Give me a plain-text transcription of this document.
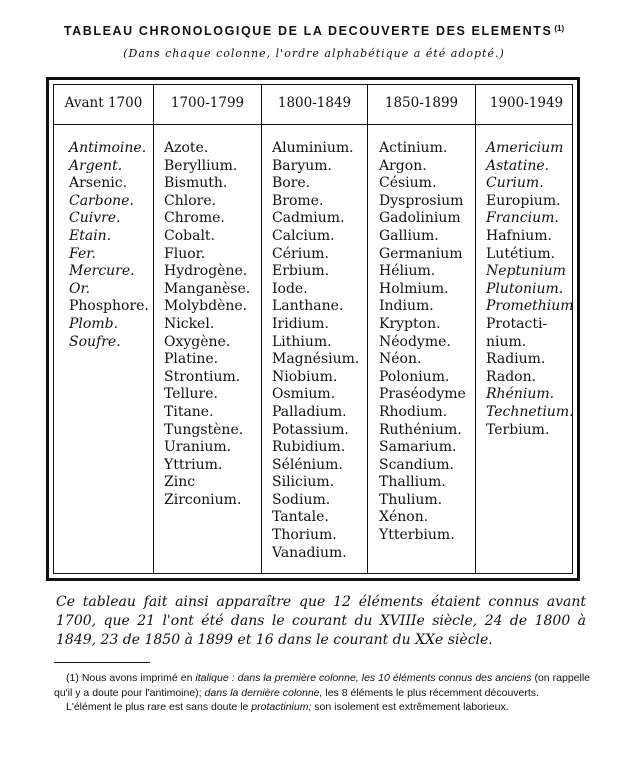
TABLEAU CHRONOLOGIQUE DE LA DECOUVERTE DES ELEMENTS $^{(1)}$
(Dans chaque colonne, l'ordre alphabétique a été adopté.)
Avant 1700
Antimoine.
Argent.
Arsenic.
Carbone.
Cuivre.
Etain.
Fer.
Mercure.
Or.
Phosphore.
Plomb.
Soufre.
1700-1799
Azote.
Beryllium.
Bismuth.
Chlore.
Chrome.
Cobalt.
Fluor.
Hydrogène.
Manganèse.
Molybdène.
Nickel.
Oxygène.
Platine.
Strontium.
Tellure.
Titane.
Tungstène.
Uranium.
Yttrium.
Zinc
Zirconium.
1800-1849
Aluminium.
Baryum.
Bore.
Brome.
Cadmium.
Calcium.
Cérium.
Erbium.
Iode.
Lanthane.
Iridium.
Lithium.
Magnésium.
Niobium.
Osmium.
Palladium.
Potassium.
Rubidium.
Sélénium.
Silicium.
Sodium.
Tantale.
Thorium.
Vanadium.
1850-1899
Actinium.
Argon.
Césium.
Dysprosium
Gadolinium
Gallium.
Germanium
Hélium.
Holmium.
Indium.
Krypton.
Néodyme.
Néon.
Polonium.
Praséodyme
Rhodium.
Ruthénium.
Samarium.
Scandium.
Thallium.
Thulium.
Xénon.
Ytterbium.
1900-1949
Americium
Astatine.
Curium.
Europium.
Francium.
Hafnium.
Lutétium.
Neptunium
Plutonium.
Promethium
Protacti-
nium.
Radium.
Radon.
Rhénium.
Technetium.
Terbium.
Ce tableau fait ainsi apparaître que 12 éléments étaient connus avant 1700, que 21 l'ont été dans le courant du XVIIIe siècle, 24 de 1800 à 1849, 23 de 1850 à 1899 et 16 dans le courant du XXe siècle.

(1) Nous avons imprimé en italique : dans la première colonne, les 10 éléments connus des anciens (on rappelle qu'il y a doute pour l'antimoine); dans la dernière colonne, les 8 éléments le plus récemment découverts.

L'élément le plus rare est sans doute le protactinium; son isolement est extrêmement laborieux.
